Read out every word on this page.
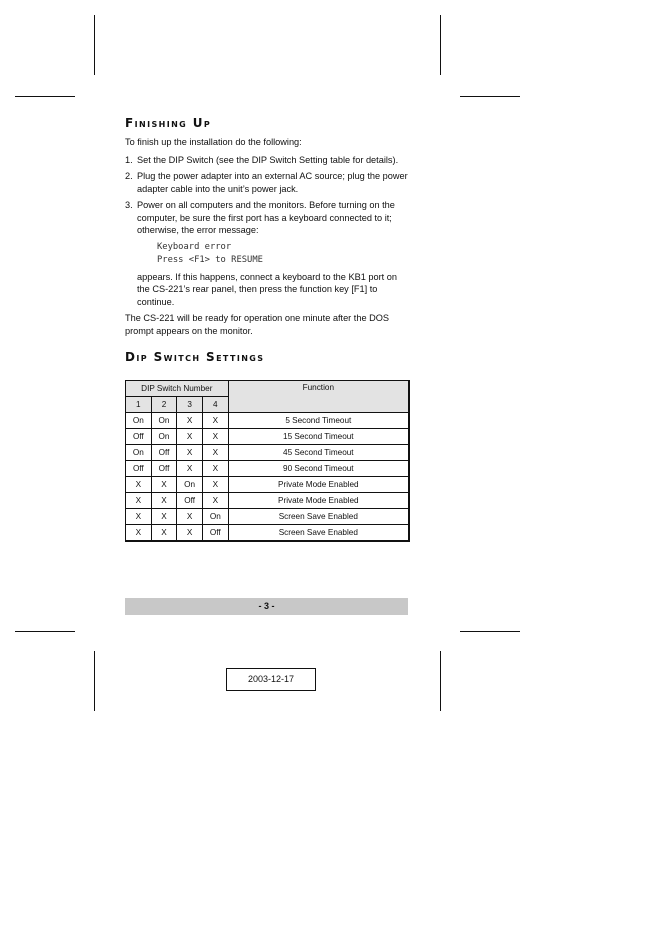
Finishing Up

To finish up the installation do the following:

1. Set the DIP Switch (see the DIP Switch Setting table for details).
2. Plug the power adapter into an external AC source; plug the power adapter cable into the unit’s power jack.
3. Power on all computers and the monitors. Before turning on the computer, be sure the first port has a keyboard connected to it; otherwise, the error message:
Keyboard error
Press <F1> to RESUME
appears. If this happens, connect a keyboard to the KB1 port on the CS-221’s rear panel, then press the function key [F1] to continue.

The CS-221 will be ready for operation one minute after the DOS prompt appears on the monitor.

Dip Switch Settings
DIP Switch Number				Function
1	2	3	4	
On	On	X	X	5 Second Timeout
Off	On	X	X	15 Second Timeout
On	Off	X	X	45 Second Timeout
Off	Off	X	X	90 Second Timeout
X	X	On	X	Private Mode Enabled
X	X	Off	X	Private Mode Enabled
X	X	X	On	Screen Save Enabled
X	X	X	Off	Screen Save Enabled
- 3 -
2003-12-17
